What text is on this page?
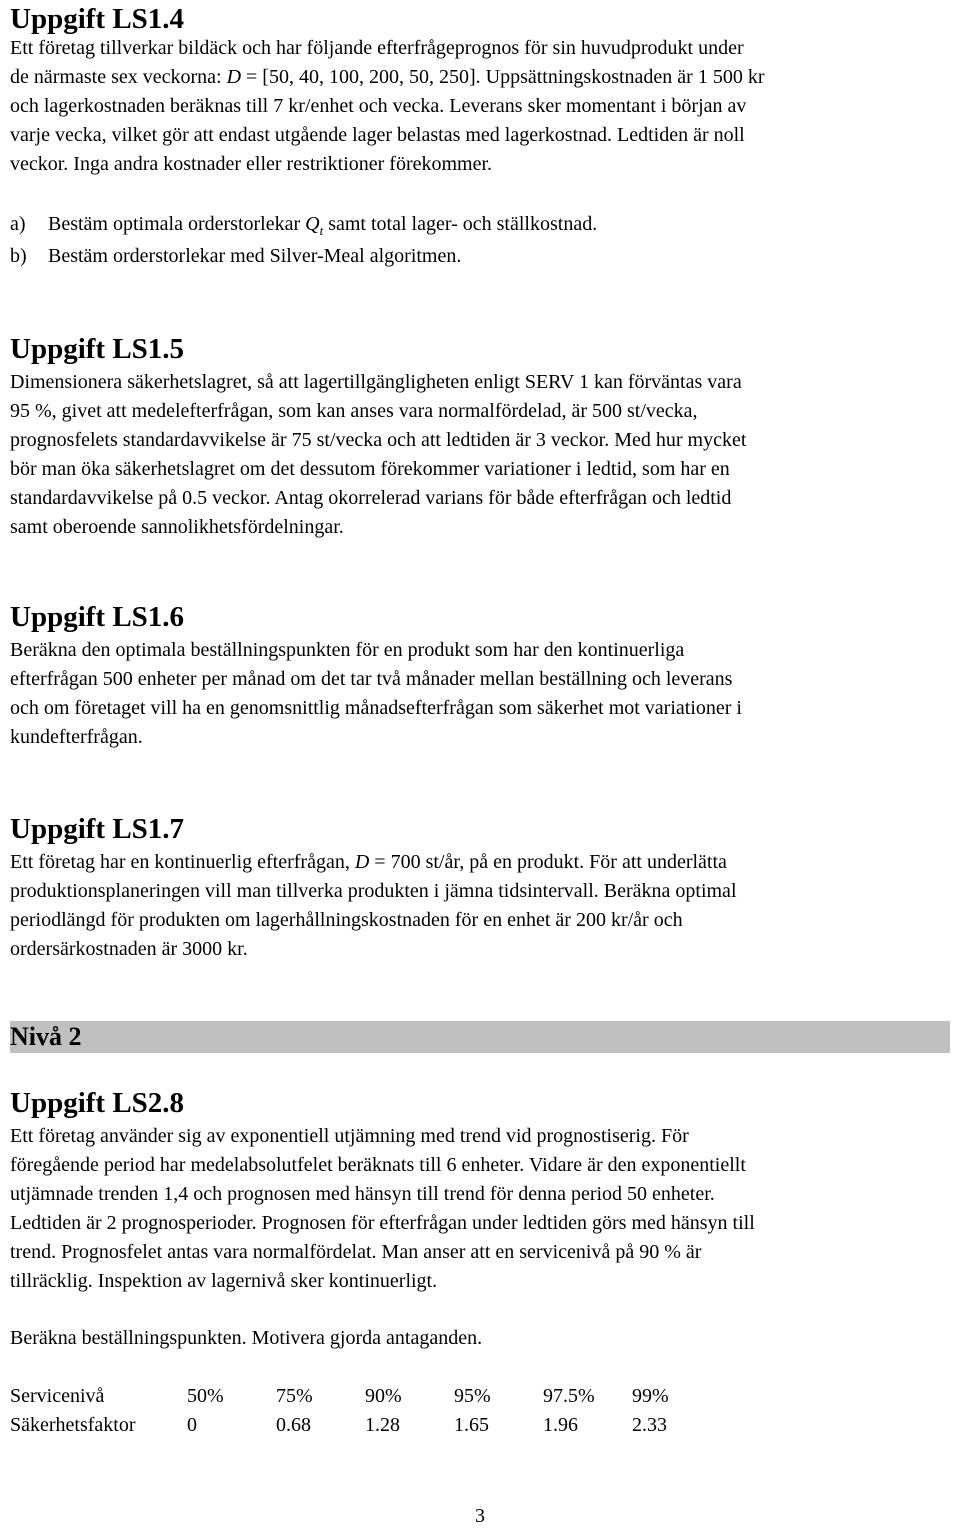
Uppgift LS1.4
Ett företag tillverkar bildäck och har följande efterfrågeprognos för sin huvudprodukt under
de närmaste sex veckorna: D = [50, 40, 100, 200, 50, 250]. Uppsättningskostnaden är 1 500 kr
och lagerkostnaden beräknas till 7 kr/enhet och vecka. Leverans sker momentant i början av
varje vecka, vilket gör att endast utgående lager belastas med lagerkostnad. Ledtiden är noll
veckor. Inga andra kostnader eller restriktioner förekommer.
a) Bestäm optimala orderstorlekar $Q_t$ samt total lager- och ställkostnad.
b) Bestäm orderstorlekar med Silver-Meal algoritmen.
Uppgift LS1.5
Dimensionera säkerhetslagret, så att lagertillgängligheten enligt SERV 1 kan förväntas vara
95 %, givet att medelefterfrågan, som kan anses vara normalfördelad, är 500 st/vecka,
prognosfelets standardavvikelse är 75 st/vecka och att ledtiden är 3 veckor. Med hur mycket
bör man öka säkerhetslagret om det dessutom förekommer variationer i ledtid, som har en
standardavvikelse på 0.5 veckor. Antag okorrelerad varians för både efterfrågan och ledtid
samt oberoende sannolikhetsfördelningar.
Uppgift LS1.6
Beräkna den optimala beställningspunkten för en produkt som har den kontinuerliga
efterfrågan 500 enheter per månad om det tar två månader mellan beställning och leverans
och om företaget vill ha en genomsnittlig månadsefterfrågan som säkerhet mot variationer i
kundefterfrågan.
Uppgift LS1.7
Ett företag har en kontinuerlig efterfrågan, D = 700 st/år, på en produkt. För att underlätta
produktionsplaneringen vill man tillverka produkten i jämna tidsintervall. Beräkna optimal
periodlängd för produkten om lagerhållningskostnaden för en enhet är 200 kr/år och
ordersärkostnaden är 3000 kr.
Nivå 2
Uppgift LS2.8
Ett företag använder sig av exponentiell utjämning med trend vid prognostiserig. För
föregående period har medelabsolutfelet beräknats till 6 enheter. Vidare är den exponentiellt
utjämnade trenden 1,4 och prognosen med hänsyn till trend för denna period 50 enheter.
Ledtiden är 2 prognosperioder. Prognosen för efterfrågan under ledtiden görs med hänsyn till
trend. Prognosfelet antas vara normalfördelat. Man anser att en servicenivå på 90 % är
tillräcklig. Inspektion av lagernivå sker kontinuerligt.
Beräkna beställningspunkten. Motivera gjorda antaganden.
Servicenivå	50%	75%	90%	95%	97.5%	99%
Säkerhetsfaktor	0	0.68	1.28	1.65	1.96	2.33
3
